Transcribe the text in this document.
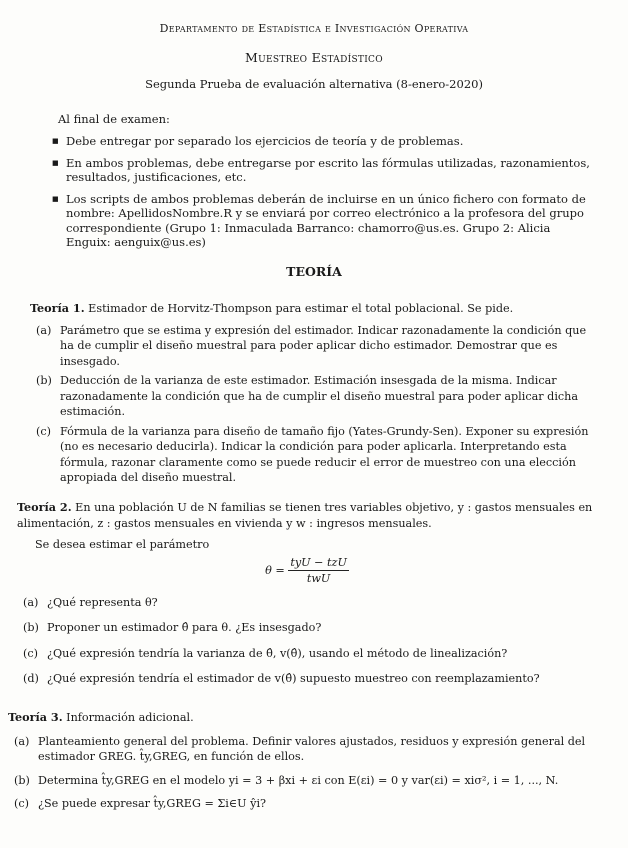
Departamento de Estadística e Investigación Operativa
Muestreo Estadístico
Segunda Prueba de evaluación alternativa (8-enero-2020)

Al final de examen:

■ Debe entregar por separado los ejercicios de teoría y de problemas.
■ En ambos problemas, debe entregarse por escrito las fórmulas utilizadas, razonamientos, resultados, justificaciones, etc.
■ Los scripts de ambos problemas deberán de incluirse en un único fichero con formato de nombre: ApellidosNombre.R y se enviará por correo electrónico a la profesora del grupo correspondiente (Grupo 1: Inmaculada Barranco: chamorro@us.es. Grupo 2: Alicia Enguix: aenguix@us.es)
TEORÍA

Teoría 1. Estimador de Horvitz-Thompson para estimar el total poblacional. Se pide.

(a) Parámetro que se estima y expresión del estimador. Indicar razonadamente la condición que ha de cumplir el diseño muestral para poder aplicar dicho estimador. Demostrar que es insesgado.
(b) Deducción de la varianza de este estimador. Estimación insesgada de la misma. Indicar razonadamente la condición que ha de cumplir el diseño muestral para poder aplicar dicha estimación.
(c) Fórmula de la varianza para diseño de tamaño fijo (Yates-Grundy-Sen). Exponer su expresión (no es necesario deducirla). Indicar la condición para poder aplicarla. Interpretando esta fórmula, razonar claramente como se puede reducir el error de muestreo con una elección apropiada del diseño muestral.

Teoría 2. En una población U de N familias se tienen tres variables objetivo, y : gastos mensuales en alimentación, z : gastos mensuales en vivienda y w : ingresos mensuales.

Se desea estimar el parámetro

$\theta = \frac{\text{tyU − tzU}}{\text{twU}}$
(a) ¿Qué representa θ?
(b) Proponer un estimador θ̂ para θ. ¿Es insesgado?
(c) ¿Qué expresión tendría la varianza de θ̂, v(θ̂), usando el método de linealización?
(d) ¿Qué expresión tendría el estimador de v(θ̂) supuesto muestreo con reemplazamiento?

Teoría 3. Información adicional.

(a) Planteamiento general del problema. Definir valores ajustados, residuos y expresión general del estimador GREG. t̂y,GREG, en función de ellos.
(b) Determina t̂y,GREG en el modelo yi = 3 + βxi + εi con E(εi) = 0 y var(εi) = xiσ², i = 1, ..., N.
(c) ¿Se puede expresar t̂y,GREG = Σi∈U ŷi?
